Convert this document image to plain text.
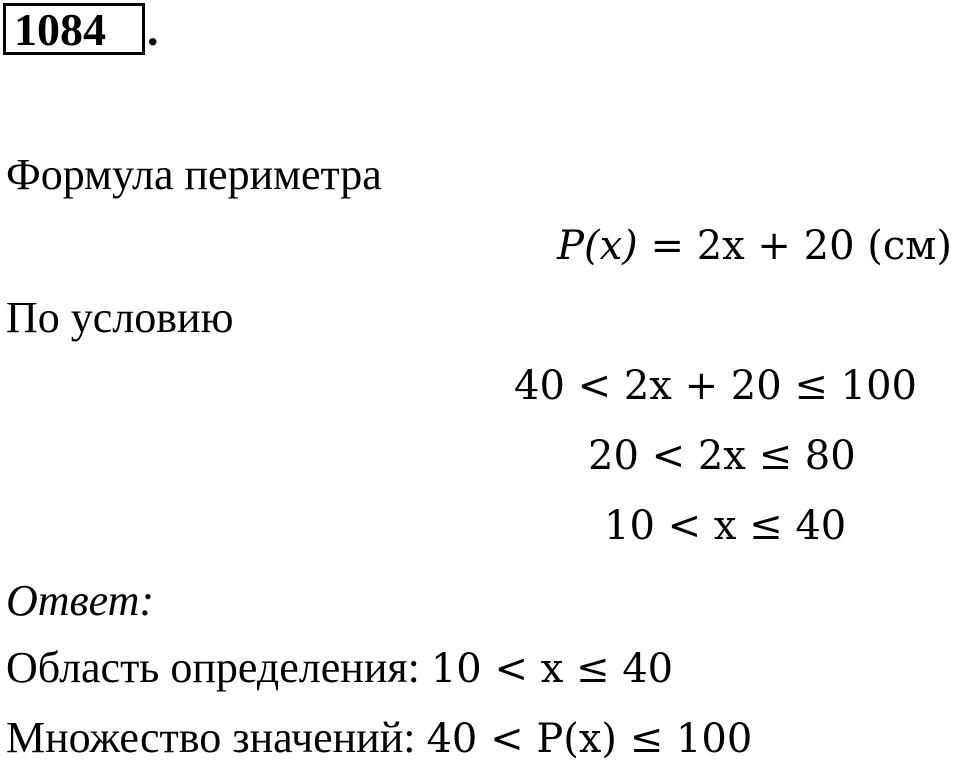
1084 .
Формула периметра
P(x) = 2x + 20 (см)
По условию
40 < 2x + 20 ≤ 100
20 < 2x ≤ 80
10 < x ≤ 40
Ответ:
Область определения: 10 < x ≤ 40
Множество значений: 40 < P(x) ≤ 100
